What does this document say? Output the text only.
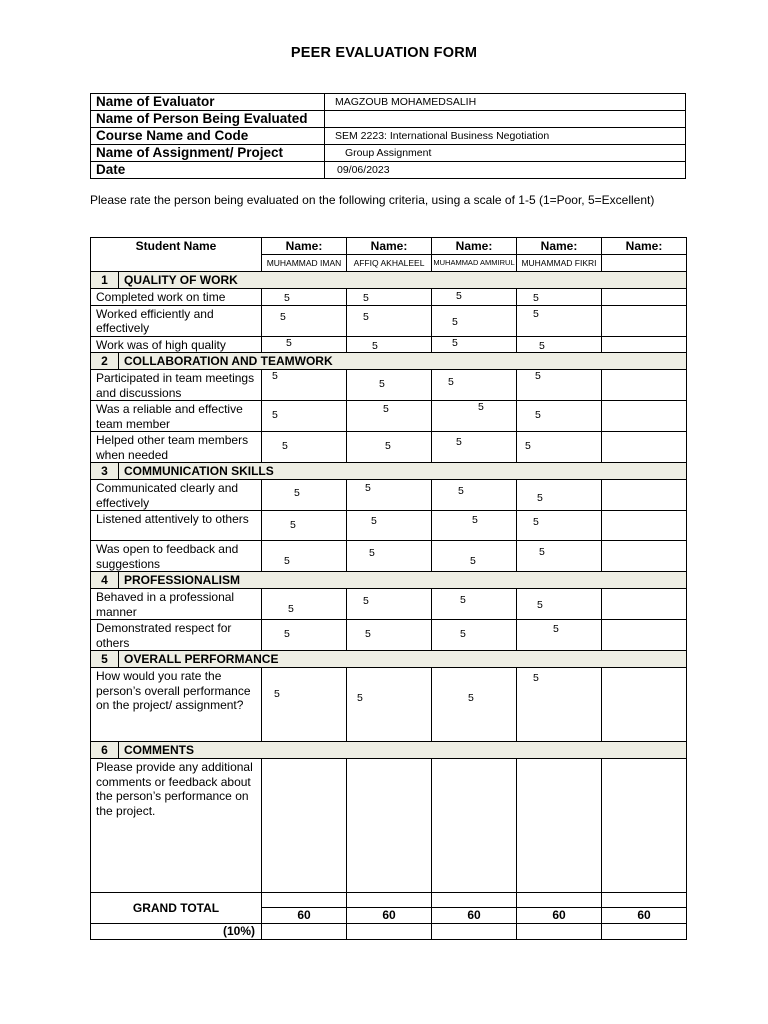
PEER EVALUATION FORM
Name of Evaluator	MAGZOUB MOHAMEDSALIH
Name of Person Being Evaluated	
Course Name and Code	SEM 2223: International Business Negotiation
Name of Assignment/ Project	Group Assignment
Date	09/06/2023
Please rate the person being evaluated on the following criteria, using a scale of 1-5 (1=Poor, 5=Excellent)
Student Name		Name:	Name:	Name:	Name:	Name:
		MUHAMMAD IMAN	AFFIQ AKHALEEL	MUHAMMAD AMMIRUL	MUHAMMAD FIKRI	
1	QUALITY OF WORK					
Completed work on time		5	5	5	5	

Worked efficiently and effectively		5	5	5	5	

Work was of high quality		5	5	5	5	

2	COLLABORATION AND TEAMWORK					
Participated in team meetings and discussions		5	5	5	5	

Was a reliable and effective team member		5	5	5	5	

Helped other team members when needed		5	5	5	5	

3	COMMUNICATION SKILLS					
Communicated clearly and effectively		5	5	5	5	

Listened attentively to others		5	5	5	5	

Was open to feedback and suggestions		5	5	5	5	

4	PROFESSIONALISM					
Behaved in a professional manner		5	5	5	5	

Demonstrated respect for others		5	5	5	5	

5	OVERALL PERFORMANCE					
How would you rate the person’s overall performance on the project/ assignment?		5	5	5	5	

6	COMMENTS					
Please provide any additional comments or feedback about the person’s performance on the project.		

GRAND TOTAL						
		60	60	60	60	60
(10%)						
